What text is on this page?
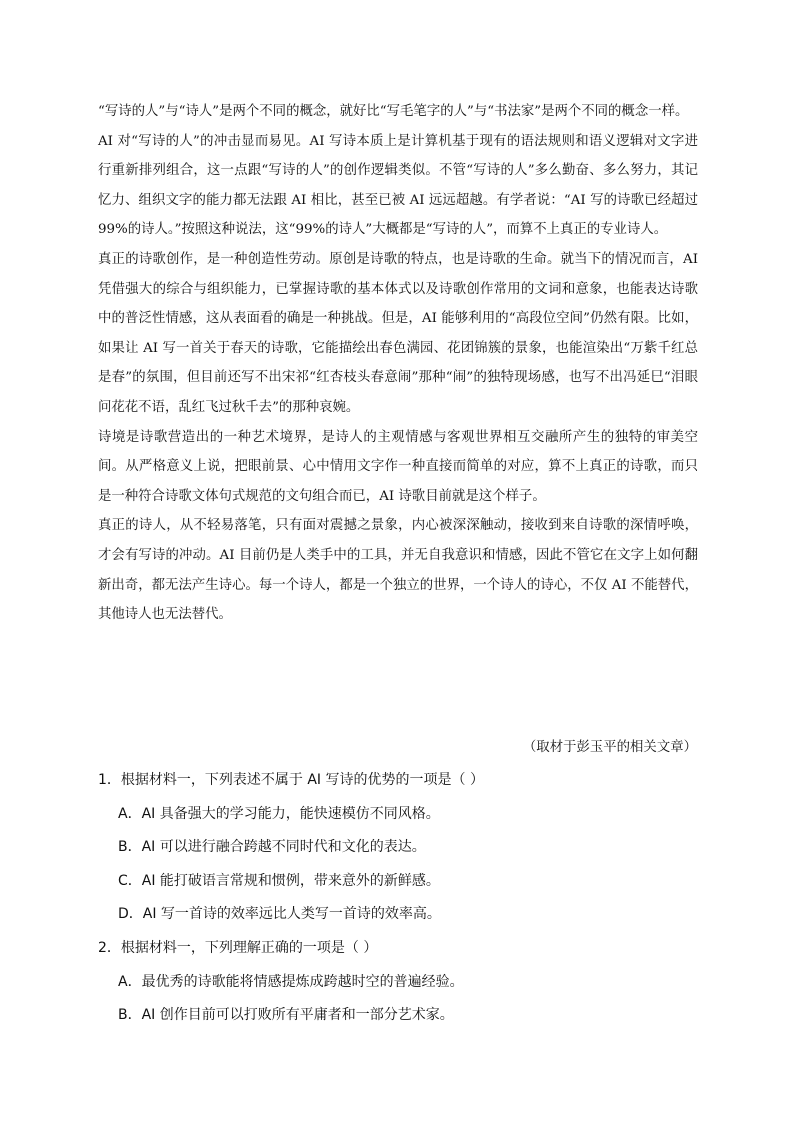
“写诗的人”与“诗人”是两个不同的概念，就好比“写毛笔字的人”与“书法家”是两个不同的概念一样。

AI 对“写诗的人”的冲击显而易见。AI 写诗本质上是计算机基于现有的语法规则和语义逻辑对文字进行重新排列组合，这一点跟“写诗的人”的创作逻辑类似。不管“写诗的人”多么勤奋、多么努力，其记忆力、组织文字的能力都无法跟 AI 相比，甚至已被 AI 远远超越。有学者说：“AI 写的诗歌已经超过 99%的诗人。”按照这种说法，这“99%的诗人”大概都是“写诗的人”，而算不上真正的专业诗人。

真正的诗歌创作，是一种创造性劳动。原创是诗歌的特点，也是诗歌的生命。就当下的情况而言，AI 凭借强大的综合与组织能力，已掌握诗歌的基本体式以及诗歌创作常用的文词和意象，也能表达诗歌中的普泛性情感，这从表面看的确是一种挑战。但是，AI 能够利用的“高段位空间”仍然有限。比如，如果让 AI 写一首关于春天的诗歌，它能描绘出春色满园、花团锦簇的景象，也能渲染出“万紫千红总是春”的氛围，但目前还写不出宋祁“红杏枝头春意闹”那种“闹”的独特现场感，也写不出冯延巳“泪眼问花花不语，乱红飞过秋千去”的那种哀婉。

诗境是诗歌营造出的一种艺术境界，是诗人的主观情感与客观世界相互交融所产生的独特的审美空间。从严格意义上说，把眼前景、心中情用文字作一种直接而简单的对应，算不上真正的诗歌，而只是一种符合诗歌文体句式规范的文句组合而已，AI 诗歌目前就是这个样子。

真正的诗人，从不轻易落笔，只有面对震撼之景象，内心被深深触动，接收到来自诗歌的深情呼唤，才会有写诗的冲动。AI 目前仍是人类手中的工具，并无自我意识和情感，因此不管它在文字上如何翻新出奇，都无法产生诗心。每一个诗人，都是一个独立的世界，一个诗人的诗心，不仅 AI 不能替代，其他诗人也无法替代。

（取材于彭玉平的相关文章）

1．根据材料一，下列表述不属于 AI 写诗的优势的一项是（ ）

A．AI 具备强大的学习能力，能快速模仿不同风格。

B．AI 可以进行融合跨越不同时代和文化的表达。

C．AI 能打破语言常规和惯例，带来意外的新鲜感。

D．AI 写一首诗的效率远比人类写一首诗的效率高。

2．根据材料一，下列理解正确的一项是（ ）

A．最优秀的诗歌能将情感提炼成跨越时空的普遍经验。

B．AI 创作目前可以打败所有平庸者和一部分艺术家。
